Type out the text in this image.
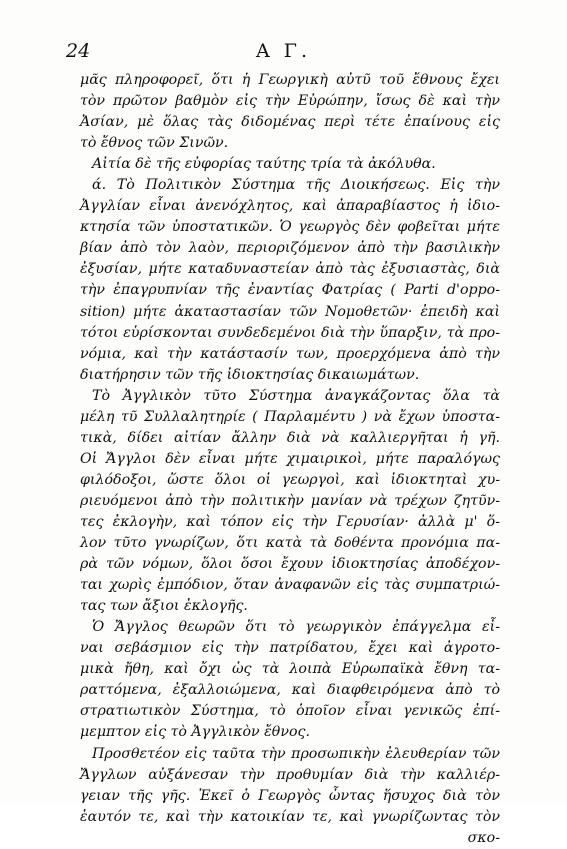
24	Α Γ.
μᾶς πληροφορεῖ, ὅτι ἡ Γεωργικὴ αὐτῦ τοῦ ἔθνους ἔχει
τὸν πρῶτον βαθμὸν εἰς τὴν Εὐρώπην, ἴσως δὲ καὶ τὴν
Ἀσίαν, μὲ ὅλας τὰς διδομένας περὶ τέτε ἐπαίνους εἰς
τὸ ἔθνος τῶν Σινῶν.
Αἰτία δὲ τῆς εὐφορίας ταύτης τρία τὰ ἀκόλυθα.
ά. Τὸ Πολιτικὸν Σύστημα τῆς Διοικήσεως. Εἰς τὴν
Ἀγγλίαν εἶναι ἀνενόχλητος, καὶ ἀπαραβίαστος ἡ ἰδιο-
κτησία τῶν ὑποστατικῶν. Ὁ γεωργὸς δὲν φοβεῖται μήτε
βίαν ἀπὸ τὸν λαὸν, περιοριζόμενον ἀπὸ τὴν βασιλικὴν
ἐξυσίαν, μήτε καταδυναστείαν ἀπὸ τὰς ἐξυσιαστὰς, διὰ
τὴν ἐπαγρυπνίαν τῆς ἐναντίας Φατρίας ( Parti d'oppo-
sition) μήτε ἀκαταστασίαν τῶν Νομοθετῶν· ἐπειδὴ καὶ
τότοι εὑρίσκονται συνδεδεμένοι διὰ τὴν ὕπαρξιν, τὰ προ-
νόμια, καὶ τὴν κατάστασίν των, προερχόμενα ἀπὸ τὴν
διατήρησιν τῶν τῆς ἰδιοκτησίας δικαιωμάτων.
Τὸ Ἀγγλικὸν τῦτο Σύστημα ἀναγκάζοντας ὅλα τὰ
μέλη τῦ Συλλαλητηρίε ( Παρλαμέντυ ) νὰ ἔχων ὑποστα-
τικὰ, δίδει αἰτίαν ἄλλην διὰ νὰ καλλιεργῆται ἡ γῆ.
Οἱ Ἄγγλοι δὲν εἶναι μήτε χιμαιρικοὶ, μήτε παραλόγως
φιλόδοξοι, ὥστε ὅλοι οἱ γεωργοὶ, καὶ ἰδιοκτηταὶ χυ-
ριευόμενοι ἀπὸ τὴν πολιτικὴν μανίαν νὰ τρέχων ζητῦν-
τες ἐκλογὴν, καὶ τόπον εἰς τὴν Γερυσίαν· ἀλλὰ μ' ὅ-
λον τῦτο γνωρίζων, ὅτι κατὰ τὰ δοθέντα προνόμια πα-
ρὰ τῶν νόμων, ὅλοι ὅσοι ἔχουν ἰδιοκτησίας ἀποδέχον-
ται χωρὶς ἐμπόδιον, ὅταν ἀναφανῶν εἰς τὰς συμπατριώ-
τας των ἄξιοι ἐκλογῆς.
Ὁ Ἄγγλος θεωρῶν ὅτι τὸ γεωργικὸν ἐπάγγελμα εἶ-
ναι σεβάσμιον εἰς τὴν πατρίδατου, ἔχει καὶ ἀγροτο-
μικὰ ἤθη, καὶ ὄχι ὡς τὰ λοιπὰ Εὐρωπαϊκὰ ἔθνη τα-
ραττόμενα, ἐξαλλοιώμενα, καὶ διαφθειρόμενα ἀπὸ τὸ
στρατιωτικὸν Σύστημα, τὸ ὁποῖον εἶναι γενικῶς ἐπί-
μεμπτον εἰς τὸ Ἀγγλικὸν ἔθνος.
Προσθετέον εἰς ταῦτα τὴν προσωπικὴν ἐλευθερίαν τῶν
Ἄγγλων αὐξάνεσαν τὴν προθυμίαν διὰ τὴν καλλιέρ-
γειαν τῆς γῆς. Ἐκεῖ ὁ Γεωργὸς ὦντας ἥσυχος διὰ τὸν
ἑαυτόν τε, καὶ τὴν κατοικίαν τε, καὶ γνωρίζωντας τὸν
σκο-
